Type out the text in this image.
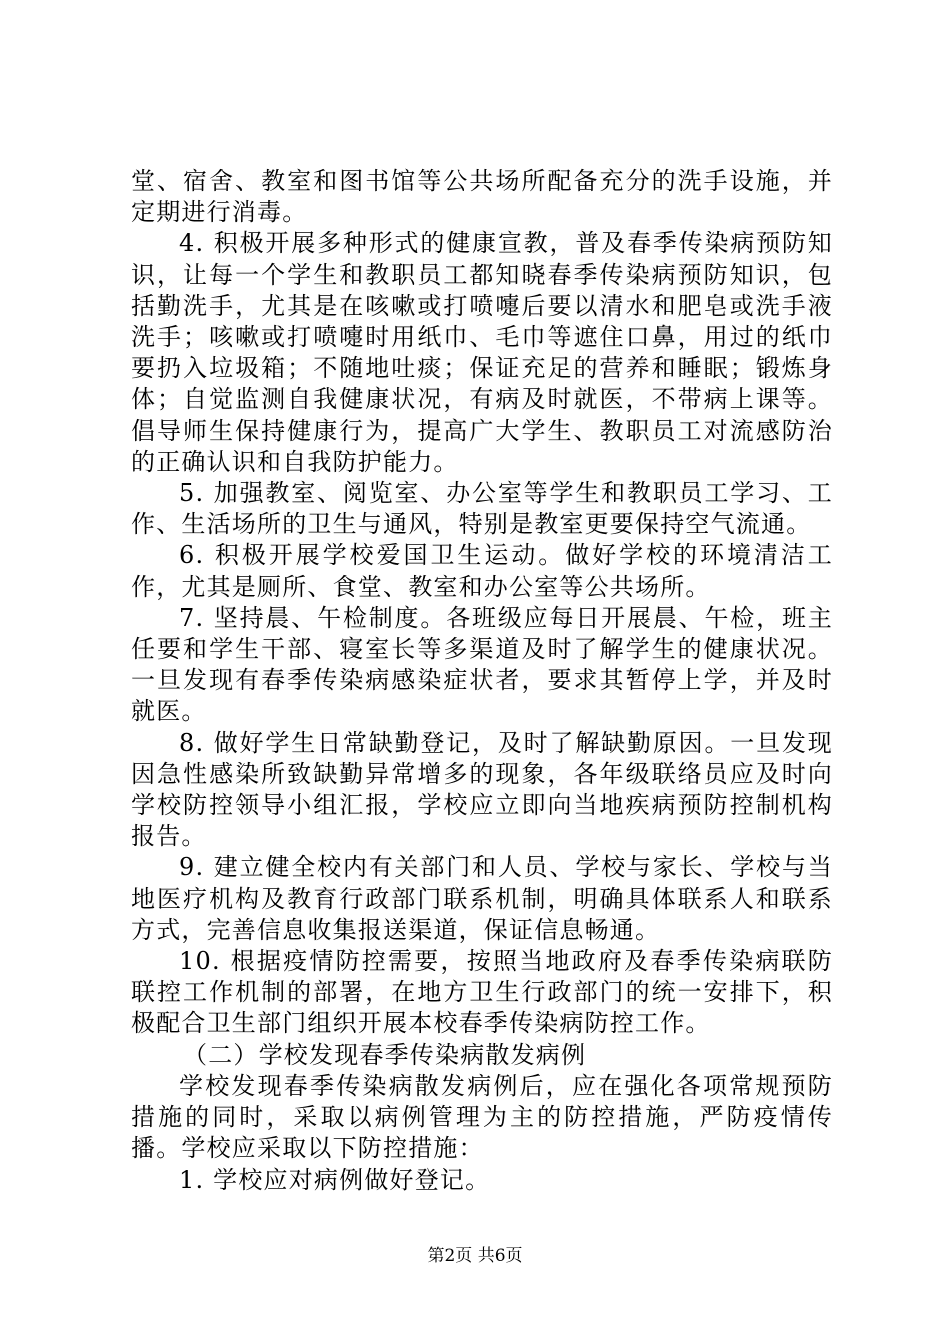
堂、宿舍、教室和图书馆等公共场所配备充分的洗手设施，并定期进行消毒。

4. 积极开展多种形式的健康宣教，普及春季传染病预防知识，让每一个学生和教职员工都知晓春季传染病预防知识，包括勤洗手，尤其是在咳嗽或打喷嚏后要以清水和肥皂或洗手液洗手；咳嗽或打喷嚏时用纸巾、毛巾等遮住口鼻，用过的纸巾要扔入垃圾箱；不随地吐痰；保证充足的营养和睡眠；锻炼身体；自觉监测自我健康状况，有病及时就医，不带病上课等。倡导师生保持健康行为，提高广大学生、教职员工对流感防治的正确认识和自我防护能力。

5. 加强教室、阅览室、办公室等学生和教职员工学习、工作、生活场所的卫生与通风，特别是教室更要保持空气流通。

6. 积极开展学校爱国卫生运动。做好学校的环境清洁工作，尤其是厕所、食堂、教室和办公室等公共场所。

7. 坚持晨、午检制度。各班级应每日开展晨、午检，班主任要和学生干部、寝室长等多渠道及时了解学生的健康状况。一旦发现有春季传染病感染症状者，要求其暂停上学，并及时就医。

8. 做好学生日常缺勤登记，及时了解缺勤原因。一旦发现因急性感染所致缺勤异常增多的现象，各年级联络员应及时向学校防控领导小组汇报，学校应立即向当地疾病预防控制机构报告。

9. 建立健全校内有关部门和人员、学校与家长、学校与当地医疗机构及教育行政部门联系机制，明确具体联系人和联系方式，完善信息收集报送渠道，保证信息畅通。

10. 根据疫情防控需要，按照当地政府及春季传染病联防联控工作机制的部署，在地方卫生行政部门的统一安排下，积极配合卫生部门组织开展本校春季传染病防控工作。

（二）学校发现春季传染病散发病例

学校发现春季传染病散发病例后，应在强化各项常规预防措施的同时，采取以病例管理为主的防控措施，严防疫情传播。学校应采取以下防控措施：

1. 学校应对病例做好登记。

第2页 共6页
